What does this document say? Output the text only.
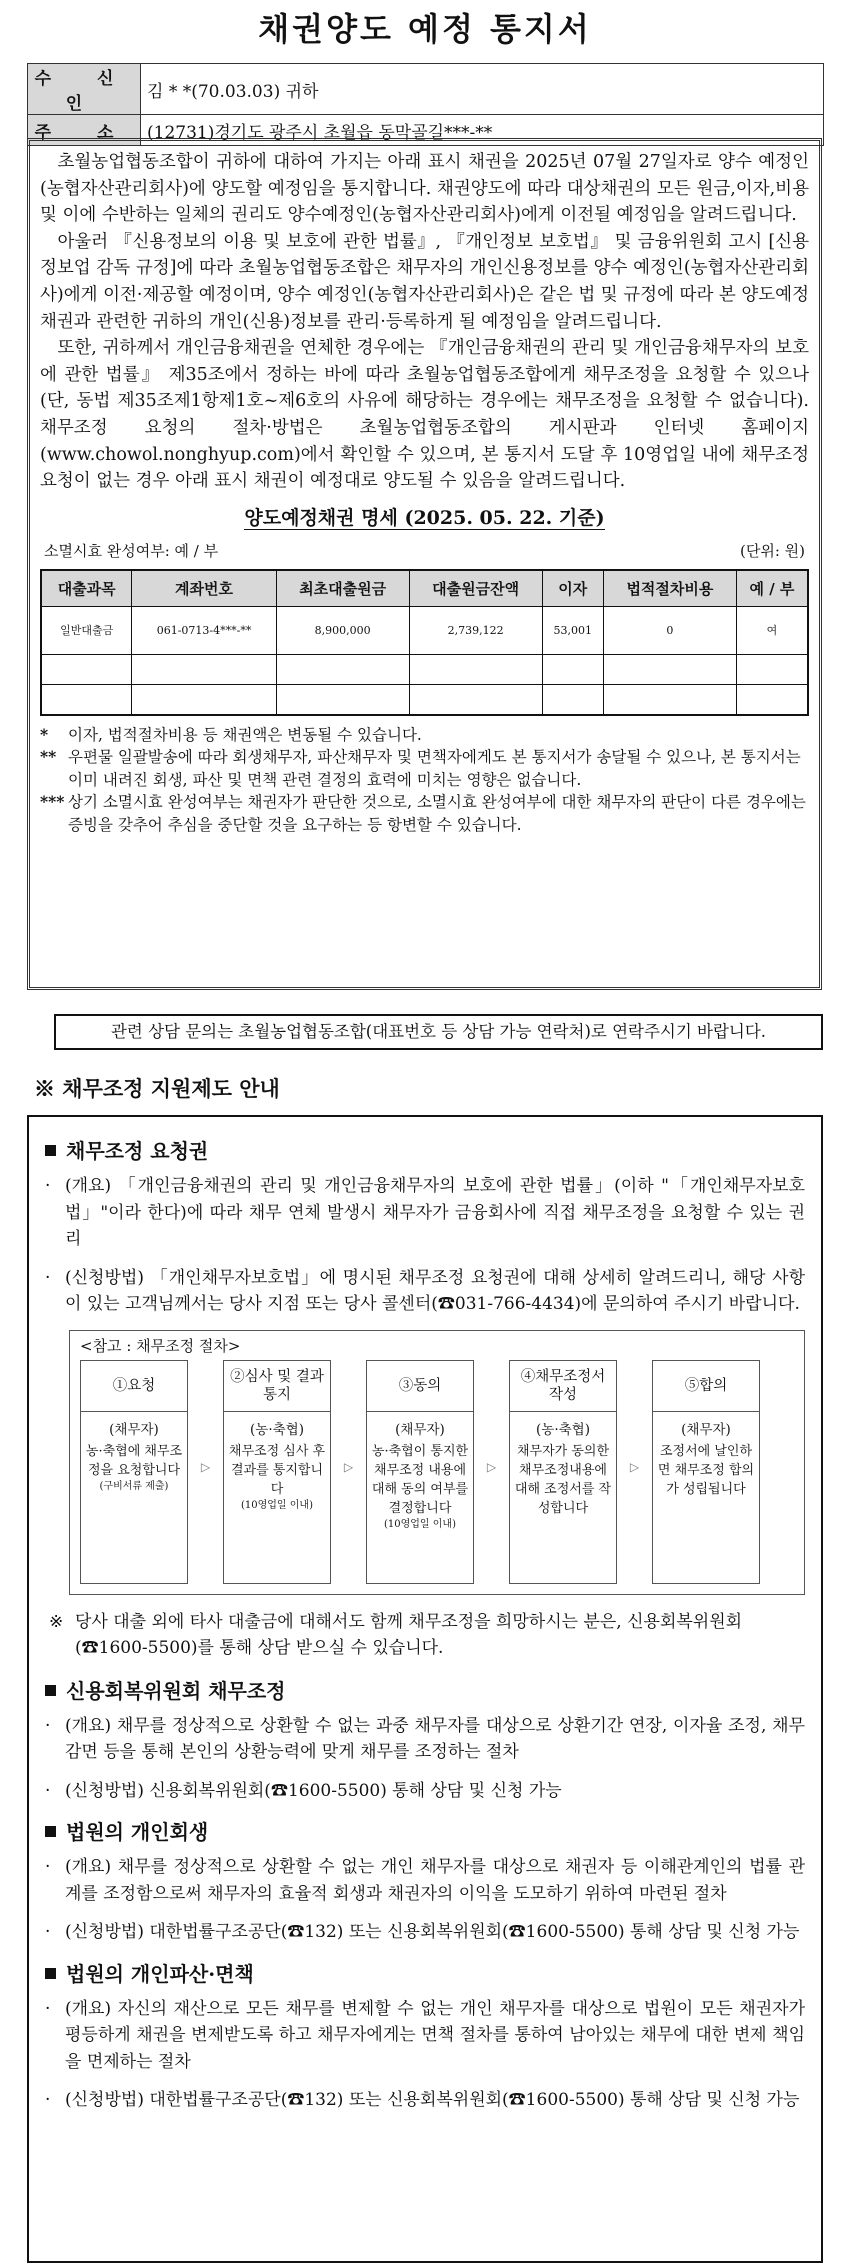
채권양도 예정 통지서
수 신 인	김 * *(70.03.03) 귀하
주 소	(12731)경기도 광주시 초월읍 동막골길***-**

초월농업협동조합이 귀하에 대하여 가지는 아래 표시 채권을 2025년 07월 27일자로 양수 예정인(농협자산관리회사)에 양도할 예정임을 통지합니다. 채권양도에 따라 대상채권의 모든 원금,이자,비용 및 이에 수반하는 일체의 권리도 양수예정인(농협자산관리회사)에게 이전될 예정임을 알려드립니다.

아울러 『신용정보의 이용 및 보호에 관한 법률』, 『개인정보 보호법』 및 금융위원회 고시 [신용정보업 감독 규정]에 따라 초월농업협동조합은 채무자의 개인신용정보를 양수 예정인(농협자산관리회사)에게 이전·제공할 예정이며, 양수 예정인(농협자산관리회사)은 같은 법 및 규정에 따라 본 양도예정채권과 관련한 귀하의 개인(신용)정보를 관리·등록하게 될 예정임을 알려드립니다.

또한, 귀하께서 개인금융채권을 연체한 경우에는 『개인금융채권의 관리 및 개인금융채무자의 보호에 관한 법률』 제35조에서 정하는 바에 따라 초월농업협동조합에게 채무조정을 요청할 수 있으나(단, 동법 제35조제1항제1호~제6호의 사유에 해당하는 경우에는 채무조정을 요청할 수 없습니다). 채무조정 요청의 절차·방법은 초월농업협동조합의 게시판과 인터넷 홈페이지(www.chowol.nonghyup.com)에서 확인할 수 있으며, 본 통지서 도달 후 10영업일 내에 채무조정 요청이 없는 경우 아래 표시 채권이 예정대로 양도될 수 있음을 알려드립니다.

양도예정채권 명세 (2025. 05. 22. 기준)
소멸시효 완성여부: 예 / 부	(단위: 원)
대출과목	계좌번호	최초대출원금	대출원금잔액	이자	법적절차비용	예 / 부
일반대출금	061-0713-4***-**	8,900,000	2,739,122	53,001	0	여

*	이자, 법적절차비용 등 채권액은 변동될 수 있습니다.
** 우편물 일괄발송에 따라 회생채무자, 파산채무자 및 면책자에게도 본 통지서가 송달될 수 있으나, 본 통지서는 이미 내려진 회생, 파산 및 면책 관련 결정의 효력에 미치는 영향은 없습니다.
*** 상기 소멸시효 완성여부는 채권자가 판단한 것으로, 소멸시효 완성여부에 대한 채무자의 판단이 다른 경우에는 증빙을 갖추어 추심을 중단할 것을 요구하는 등 항변할 수 있습니다.
관련 상담 문의는 초월농업협동조합(대표번호 등 상담 가능 연락처)로 연락주시기 바랍니다.
※ 채무조정 지원제도 안내
채무조정 요청권
· (개요) 「개인금융채권의 관리 및 개인금융채무자의 보호에 관한 법률」(이하 "「개인채무자보호법」"이라 한다)에 따라 채무 연체 발생시 채무자가 금융회사에 직접 채무조정을 요청할 수 있는 권리
· (신청방법) 「개인채무자보호법」에 명시된 채무조정 요청권에 대해 상세히 알려드리니, 해당 사항이 있는 고객님께서는 당사 지점 또는 당사 콜센터(☎031-766-4434)에 문의하여 주시기 바랍니다.
<참고 : 채무조정 절차>
①요청
(채무자)
농·축협에 채무조정을 요청합니다
(구비서류 제출)
▷
②심사 및 결과통지
(농·축협)
채무조정 심사 후 결과를 통지합니다
(10영업일 이내)
▷
③동의
(채무자)
농·축협이 통지한 채무조정 내용에 대해 동의 여부를 결정합니다
(10영업일 이내)
▷
④채무조정서 작성
(농·축협)
채무자가 동의한 채무조정내용에 대해 조정서를 작성합니다
▷
⑤합의
(채무자)
조정서에 날인하면 채무조정 합의가 성립됩니다
※ 당사 대출 외에 타사 대출금에 대해서도 함께 채무조정을 희망하시는 분은, 신용회복위원회(☎1600-5500)를 통해 상담 받으실 수 있습니다.
신용회복위원회 채무조정
· (개요) 채무를 정상적으로 상환할 수 없는 과중 채무자를 대상으로 상환기간 연장, 이자율 조정, 채무감면 등을 통해 본인의 상환능력에 맞게 채무를 조정하는 절차
· (신청방법) 신용회복위원회(☎1600-5500) 통해 상담 및 신청 가능
법원의 개인회생
· (개요) 채무를 정상적으로 상환할 수 없는 개인 채무자를 대상으로 채권자 등 이해관계인의 법률 관계를 조정함으로써 채무자의 효율적 회생과 채권자의 이익을 도모하기 위하여 마련된 절차
· (신청방법) 대한법률구조공단(☎132) 또는 신용회복위원회(☎1600-5500) 통해 상담 및 신청 가능
법원의 개인파산·면책
· (개요) 자신의 재산으로 모든 채무를 변제할 수 없는 개인 채무자를 대상으로 법원이 모든 채권자가 평등하게 채권을 변제받도록 하고 채무자에게는 면책 절차를 통하여 남아있는 채무에 대한 변제 책임을 면제하는 절차
· (신청방법) 대한법률구조공단(☎132) 또는 신용회복위원회(☎1600-5500) 통해 상담 및 신청 가능
